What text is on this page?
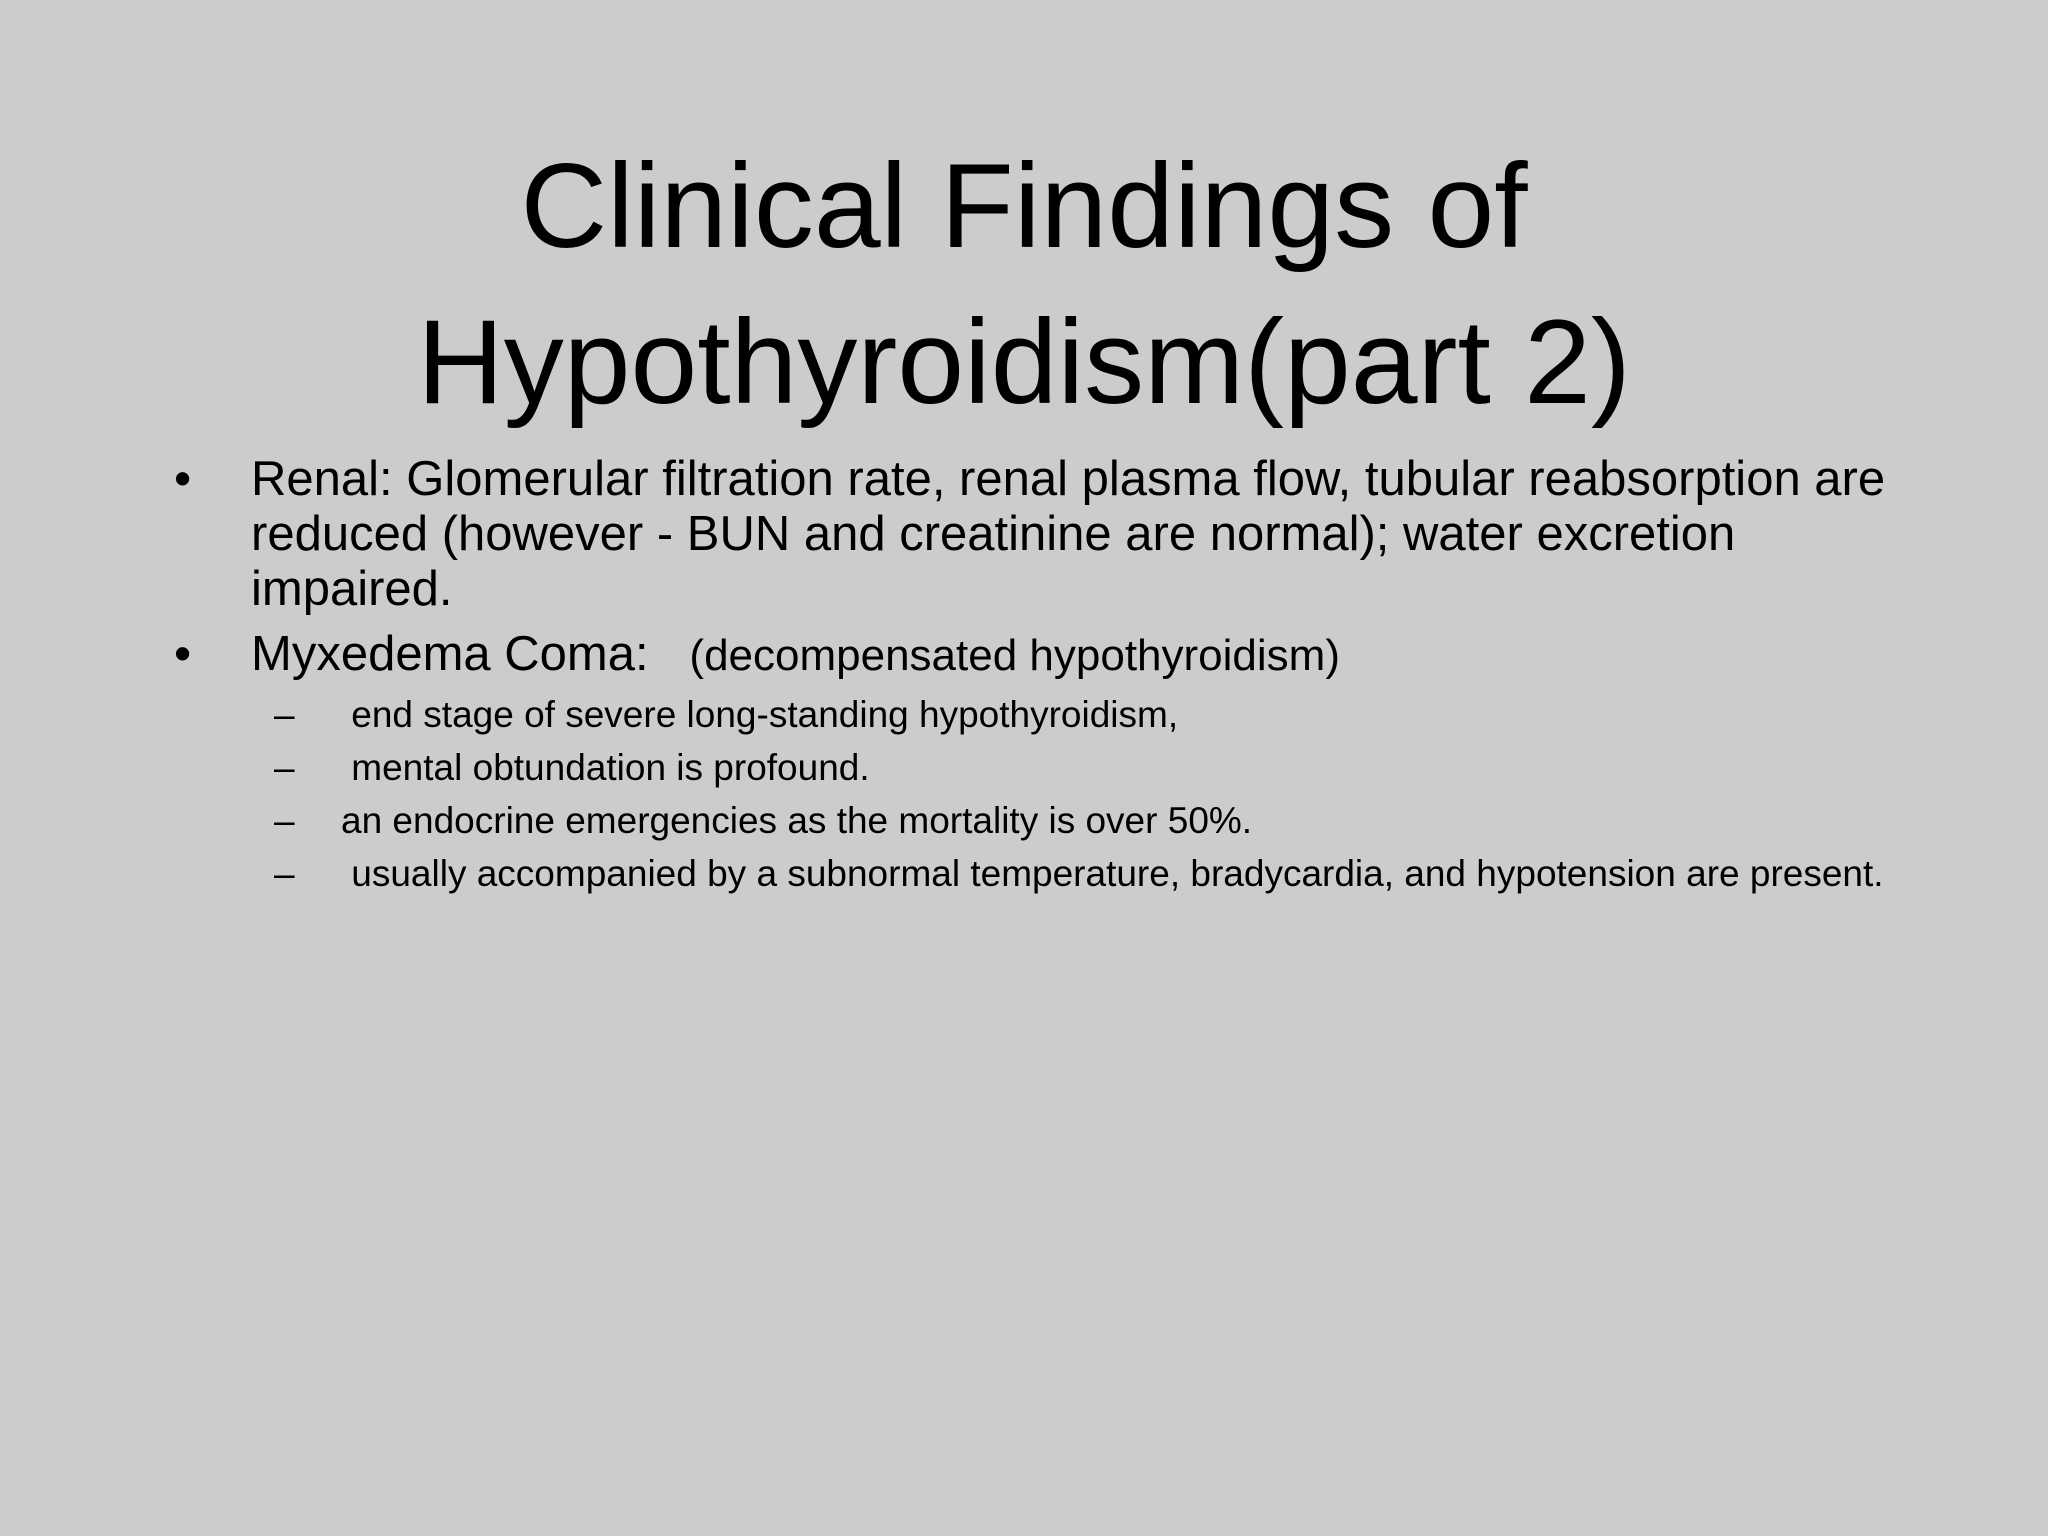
Clinical Findings of
Hypothyroidism(part 2)
• Renal: Glomerular filtration rate, renal plasma flow, tubular reabsorption are reduced (however - BUN and creatinine are normal); water excretion impaired.
• Myxedema Coma:   (decompensated hypothyroidism)
– end stage of severe long-standing hypothyroidism,
– mental obtundation is profound.
– an endocrine emergencies as the mortality is over 50%.
– usually accompanied by a subnormal temperature, bradycardia, and hypotension are present.
